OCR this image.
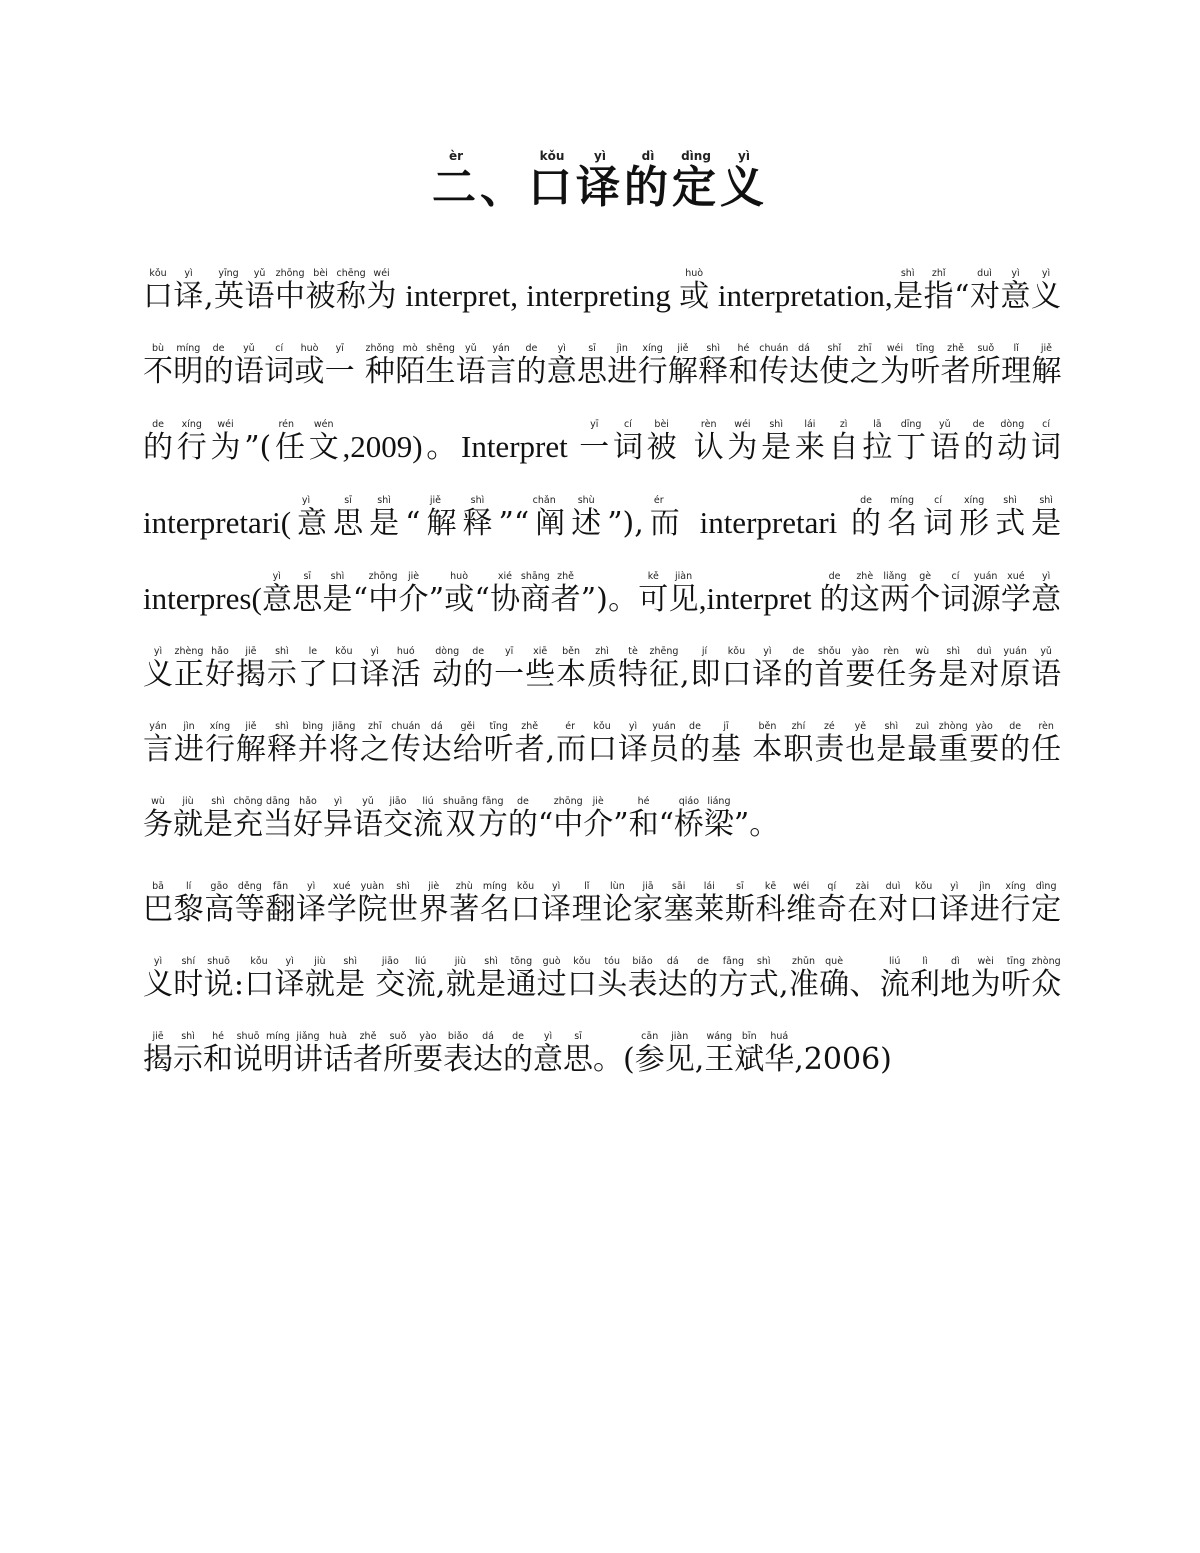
二èr、口kǒu译yì的dì定dìng义yì

口kǒu译yì,英yīng语yǔ中zhōng被bèi称chēng为wéi interpret, interpreting 或huò interpretation,是shì指zhǐ“对duì意yì义yì不bù明míng的de语yǔ词cí或huò一yī 种zhǒng陌mò生shēng语yǔ言yán的de意yì思sī进jìn行xíng解jiě释shì和hé传chuán达dá使shǐ之zhī为wéi听tīng者zhě所suǒ理lǐ解jiě的de行xíng为wéi”(任rén文wén,2009)。Interpret 一yī词cí被bèi 认rèn为wéi是shì来lái自zì拉lā丁dīng语yǔ的de动dòng词cí interpretari(意yì思sī是shì“解jiě释shì”“阐chǎn述shù”),而ér interpretari 的de名míng词cí形xíng式shì是shì interpres(意yì思sī是shì“中zhōng介jiè”或huò“协xié商shāng者zhě”)。可kě见jiàn,interpret 的de这zhè两liǎng个gè词cí源yuán学xué意yì义yì正zhèng好hǎo揭jiē示shì了le口kǒu译yì活huó 动dòng的de一yī些xiē本běn质zhì特tè征zhēng,即jí口kǒu译yì的de首shǒu要yào任rèn务wù是shì对duì原yuán语yǔ言yán进jìn行xíng解jiě释shì并bìng将jiāng之zhī传chuán达dá给gěi听tīng者zhě,而ér口kǒu译yì员yuán的de基jī 本běn职zhí责zé也yě是shì最zuì重zhòng要yào的de任rèn务wù就jiù是shì充chōng当dāng好hǎo异yì语yǔ交jiāo流liú双shuāng方fāng的de“中zhōng介jiè”和hé“桥qiáo梁liáng”。

巴bā黎lí高gāo等děng翻fān译yì学xué院yuàn世shì界jiè著zhù名míng口kǒu译yì理lǐ论lùn家jiā塞sāi莱lái斯sī科kē维wéi奇qí在zài对duì口kǒu译yì进jìn行xíng定dìng义yì时shí说shuō:口kǒu译yì就jiù是shì 交jiāo流liú,就jiù是shì通tōng过guò口kǒu头tóu表biǎo达dá的de方fāng式shì,准zhǔn确què、流liú利lì地dì为wèi听tīng众zhòng揭jiē示shì和hé说shuō明míng讲jiǎng话huà者zhě所suǒ要yào表biǎo达dá的de意yì思sī。(参cān见jiàn,王wáng斌bīn华huá,2006)
